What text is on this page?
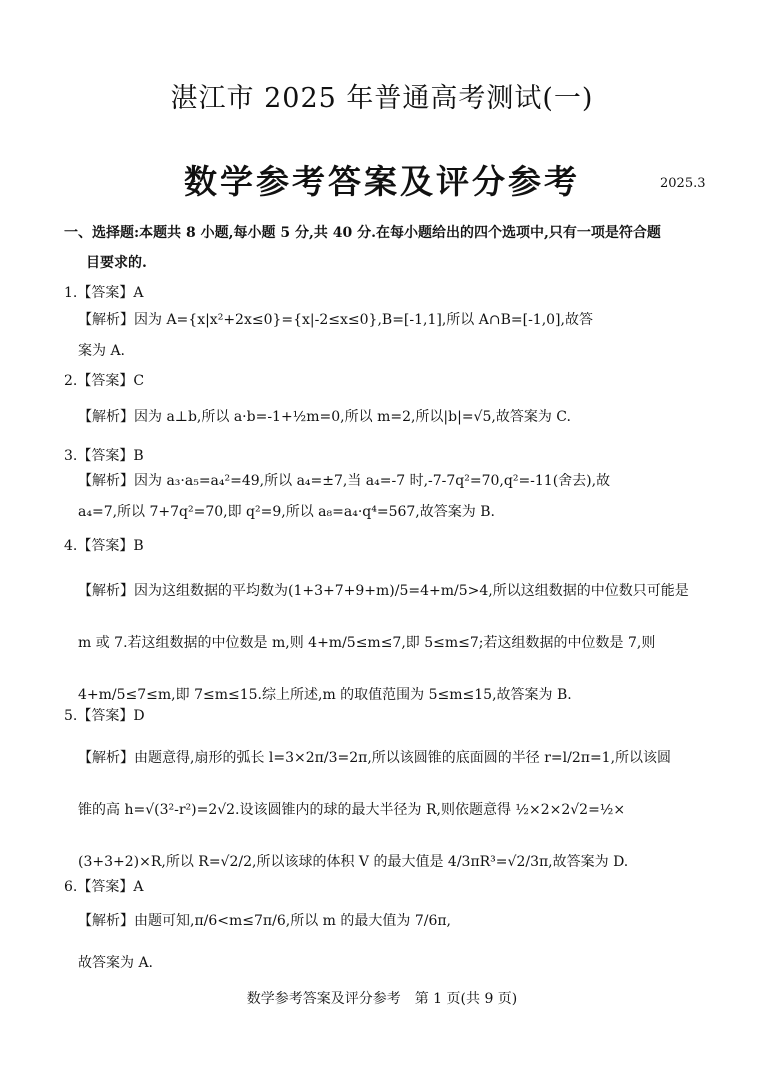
湛江市 2025 年普通高考测试(一)
数学参考答案及评分参考	2025.3
一、选择题:本题共 8 小题,每小题 5 分,共 40 分.在每小题给出的四个选项中,只有一项是符合题
目要求的.
1.【答案】A
【解析】因为 A={x|x²+2x≤0}={x|-2≤x≤0},B=[-1,1],所以 A∩B=[-1,0],故答
案为 A.
2.【答案】C
【解析】因为 a⊥b,所以 a·b=-1+½m=0,所以 m=2,所以|b|=√5,故答案为 C.
3.【答案】B
【解析】因为 a₃·a₅=a₄²=49,所以 a₄=±7,当 a₄=-7 时,-7-7q²=70,q²=-11(舍去),故
a₄=7,所以 7+7q²=70,即 q²=9,所以 a₈=a₄·q⁴=567,故答案为 B.
4.【答案】B
【解析】因为这组数据的平均数为(1+3+7+9+m)/5=4+m/5>4,所以这组数据的中位数只可能是
m 或 7.若这组数据的中位数是 m,则 4+m/5≤m≤7,即 5≤m≤7;若这组数据的中位数是 7,则
4+m/5≤7≤m,即 7≤m≤15.综上所述,m 的取值范围为 5≤m≤15,故答案为 B.
5.【答案】D
【解析】由题意得,扇形的弧长 l=3×2π/3=2π,所以该圆锥的底面圆的半径 r=l/2π=1,所以该圆
锥的高 h=√(3²-r²)=2√2.设该圆锥内的球的最大半径为 R,则依题意得 ½×2×2√2=½×
(3+3+2)×R,所以 R=√2/2,所以该球的体积 V 的最大值是 4/3πR³=√2/3π,故答案为 D.
6.【答案】A
【解析】由题可知,π/6<m≤7π/6,所以 m 的最大值为 7/6π,
故答案为 A.
数学参考答案及评分参考　第 1 页(共 9 页)
